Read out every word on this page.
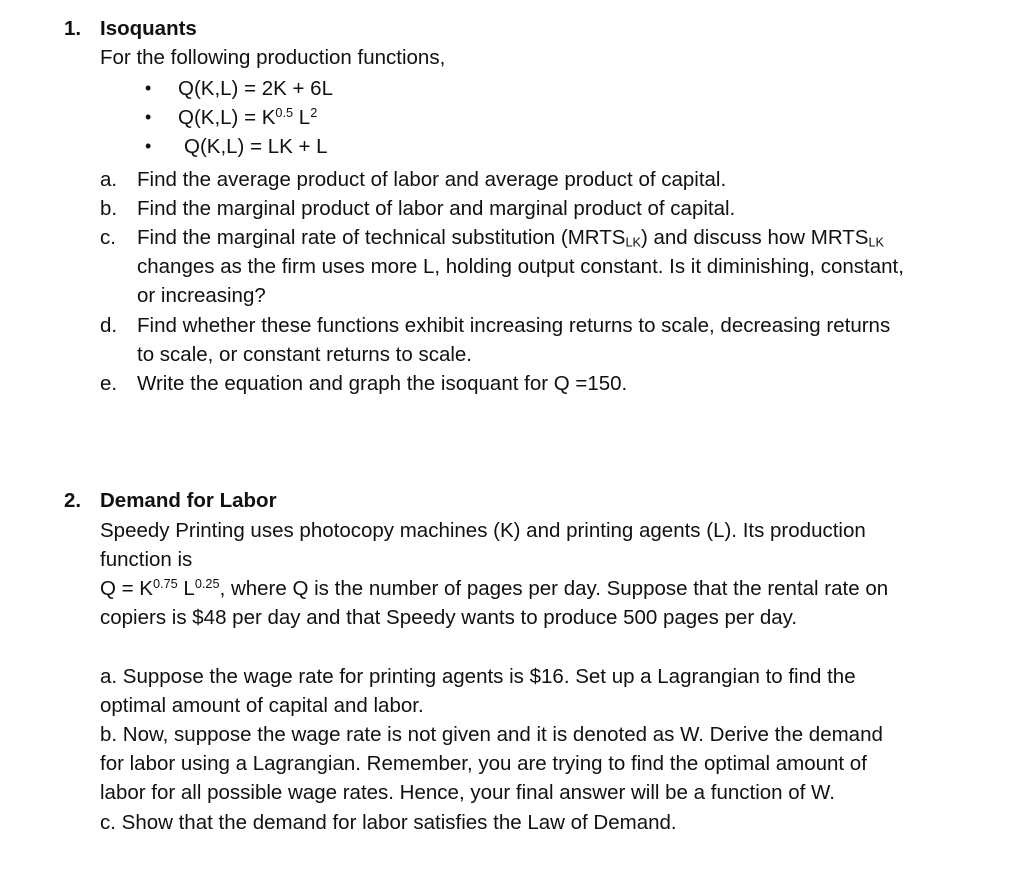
1. Isoquants
For the following production functions,
• Q(K,L) = 2K + 6L
• $Q(K,L) = K^{0.5}$ $L^2$
• Q(K,L) = LK + L
a. Find the average product of labor and average product of capital.
b. Find the marginal product of labor and marginal product of capital.
c. Find the marginal rate of technical substitution $(MRTS_{LK})$ and discuss how $MRTS_{LK}$
changes as the firm uses more L, holding output constant. Is it diminishing, constant,
or increasing?
d. Find whether these functions exhibit increasing returns to scale, decreasing returns
to scale, or constant returns to scale.
e. Write the equation and graph the isoquant for Q =150.
2. Demand for Labor
Speedy Printing uses photocopy machines (K) and printing agents (L). Its production
function is
$Q = K^{0.75}$ $L^{0.25}$, where Q is the number of pages per day. Suppose that the rental rate on
copiers is $48 per day and that Speedy wants to produce 500 pages per day.
a. Suppose the wage rate for printing agents is $16. Set up a Lagrangian to find the
optimal amount of capital and labor.
b. Now, suppose the wage rate is not given and it is denoted as W. Derive the demand
for labor using a Lagrangian. Remember, you are trying to find the optimal amount of
labor for all possible wage rates. Hence, your final answer will be a function of W.
c. Show that the demand for labor satisfies the Law of Demand.
